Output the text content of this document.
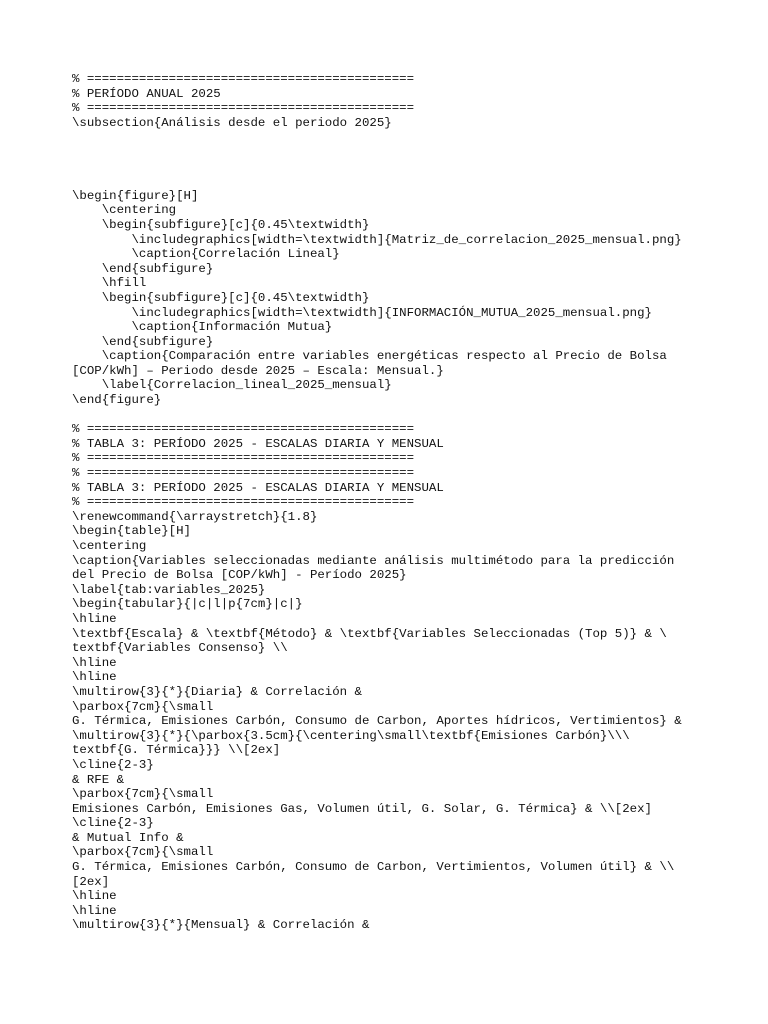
% ============================================
% PERÍODO ANUAL 2025
% ============================================
\subsection{Análisis desde el periodo 2025}
\begin{figure}[H]
\centering
\begin{subfigure}[c]{0.45\textwidth}
\includegraphics[width=\textwidth]{Matriz_de_correlacion_2025_mensual.png}
\caption{Correlación Lineal}
\end{subfigure}
\hfill
\begin{subfigure}[c]{0.45\textwidth}
\includegraphics[width=\textwidth]{INFORMACIÓN_MUTUA_2025_mensual.png}
\caption{Información Mutua}
\end{subfigure}
\caption{Comparación entre variables energéticas respecto al Precio de Bolsa
[COP/kWh] – Periodo desde 2025 – Escala: Mensual.}
\label{Correlacion_lineal_2025_mensual}
\end{figure}
% ============================================
% TABLA 3: PERÍODO 2025 - ESCALAS DIARIA Y MENSUAL
% ============================================
% ============================================
% TABLA 3: PERÍODO 2025 - ESCALAS DIARIA Y MENSUAL
% ============================================
\renewcommand{\arraystretch}{1.8}
\begin{table}[H]
\centering
\caption{Variables seleccionadas mediante análisis multimétodo para la predicción
del Precio de Bolsa [COP/kWh] - Período 2025}
\label{tab:variables_2025}
\begin{tabular}{|c|l|p{7cm}|c|}
\hline
\textbf{Escala} & \textbf{Método} & \textbf{Variables Seleccionadas (Top 5)} & \
textbf{Variables Consenso} \\
\hline
\hline
\multirow{3}{*}{Diaria} & Correlación &
\parbox{7cm}{\small
G. Térmica, Emisiones Carbón, Consumo de Carbon, Aportes hídricos, Vertimientos} &
\multirow{3}{*}{\parbox{3.5cm}{\centering\small\textbf{Emisiones Carbón}\\\
textbf{G. Térmica}}} \\[2ex]
\cline{2-3}
& RFE &
\parbox{7cm}{\small
Emisiones Carbón, Emisiones Gas, Volumen útil, G. Solar, G. Térmica} & \\[2ex]
\cline{2-3}
& Mutual Info &
\parbox{7cm}{\small
G. Térmica, Emisiones Carbón, Consumo de Carbon, Vertimientos, Volumen útil} & \\
[2ex]
\hline
\hline
\multirow{3}{*}{Mensual} & Correlación &
